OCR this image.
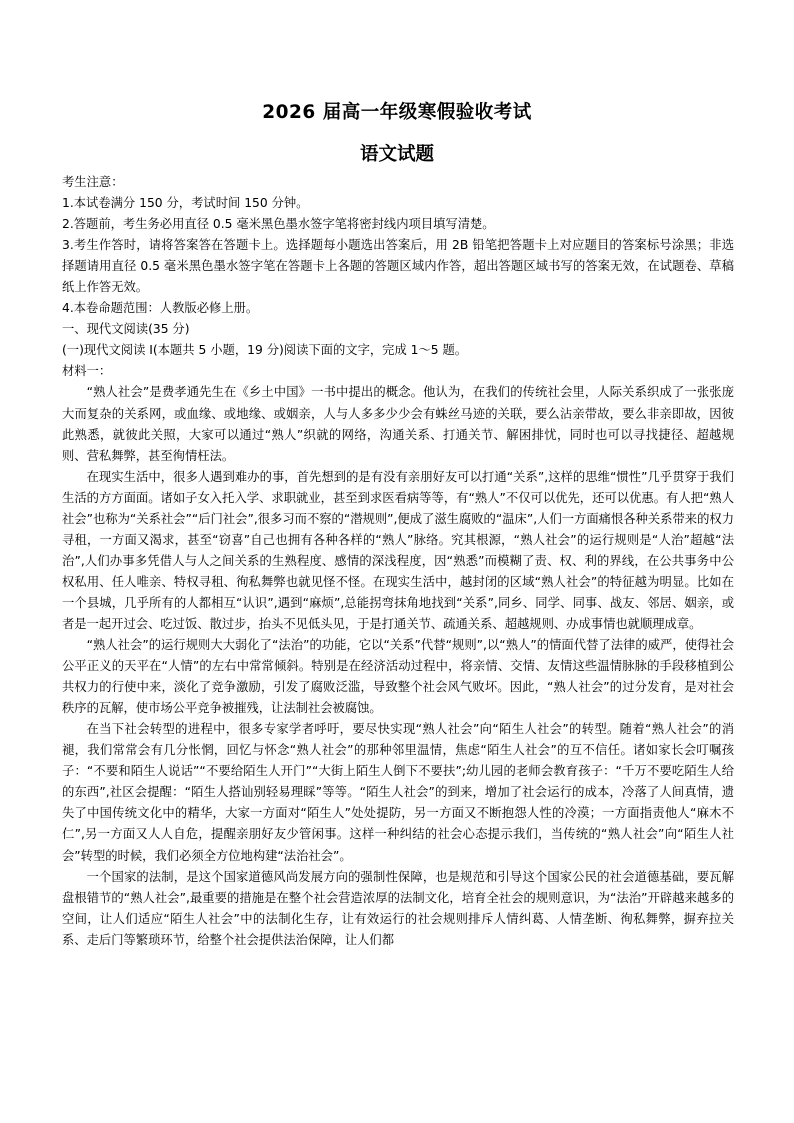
2026 届高一年级寒假验收考试
语文试题

考生注意：

1.本试卷满分 150 分，考试时间 150 分钟。

2.答题前，考生务必用直径 0.5 毫米黑色墨水签字笔将密封线内项目填写清楚。

3.考生作答时，请将答案答在答题卡上。选择题每小题选出答案后，用 2B 铅笔把答题卡上对应题目的答案标号涂黑；非选择题请用直径 0.5 毫米黑色墨水签字笔在答题卡上各题的答题区域内作答，超出答题区域书写的答案无效，在试题卷、草稿纸上作答无效。

4.本卷命题范围：人教版必修上册。

一、现代文阅读(35 分)

(一)现代文阅读 I(本题共 5 小题，19 分)阅读下面的文字，完成 1～5 题。

材料一：

“熟人社会”是费孝通先生在《乡土中国》一书中提出的概念。他认为，在我们的传统社会里，人际关系织成了一张张庞大而复杂的关系网，或血缘、或地缘、或姻亲，人与人多多少少会有蛛丝马迹的关联，要么沾亲带故，要么非亲即故，因彼此熟悉，就彼此关照，大家可以通过“熟人”织就的网络，沟通关系、打通关节、解困排忧，同时也可以寻找捷径、超越规则、营私舞弊，甚至徇情枉法。

在现实生活中，很多人遇到难办的事，首先想到的是有没有亲朋好友可以打通“关系”,这样的思维“惯性”几乎贯穿于我们生活的方方面面。诸如子女入托入学、求职就业，甚至到求医看病等等，有“熟人”不仅可以优先，还可以优惠。有人把“熟人社会”也称为“关系社会”“后门社会”,很多习而不察的“潜规则”,便成了滋生腐败的“温床”,人们一方面痛恨各种关系带来的权力寻租，一方面又渴求，甚至“窃喜”自己也拥有各种各样的“熟人”脉络。究其根源，“熟人社会”的运行规则是“人治”超越“法治”,人们办事多凭借人与人之间关系的生熟程度、感情的深浅程度，因“熟悉”而模糊了责、权、利的界线，在公共事务中公权私用、任人唯亲、特权寻租、徇私舞弊也就见怪不怪。在现实生活中，越封闭的区域“熟人社会”的特征越为明显。比如在一个县城，几乎所有的人都相互“认识”,遇到“麻烦”,总能拐弯抹角地找到“关系”,同乡、同学、同事、战友、邻居、姻亲，或者是一起开过会、吃过饭、散过步，抬头不见低头见，于是打通关节、疏通关系、超越规则、办成事情也就顺理成章。

“熟人社会”的运行规则大大弱化了“法治”的功能，它以“关系”代替“规则”,以“熟人”的情面代替了法律的威严，使得社会公平正义的天平在“人情”的左右中常常倾斜。特别是在经济活动过程中，将亲情、交情、友情这些温情脉脉的手段移植到公共权力的行使中来，淡化了竞争激励，引发了腐败泛滥，导致整个社会风气败坏。因此，“熟人社会”的过分发育，是对社会秩序的瓦解，使市场公平竞争被摧残，让法制社会被腐蚀。

在当下社会转型的进程中，很多专家学者呼吁，要尽快实现“熟人社会”向“陌生人社会”的转型。随着“熟人社会”的消褪，我们常常会有几分怅惘，回忆与怀念“熟人社会”的那种邻里温情，焦虑“陌生人社会”的互不信任。诸如家长会叮嘱孩子：“不要和陌生人说话”“不要给陌生人开门”“大街上陌生人倒下不要扶”;幼儿园的老师会教育孩子：“千万不要吃陌生人给的东西”,社区会提醒：“陌生人搭讪别轻易理睬”等等。“陌生人社会”的到来，增加了社会运行的成本，冷落了人间真情，遗失了中国传统文化中的精华，大家一方面对“陌生人”处处提防，另一方面又不断抱怨人性的冷漠；一方面指责他人“麻木不仁”,另一方面又人人自危，提醒亲朋好友少管闲事。这样一种纠结的社会心态提示我们，当传统的“熟人社会”向“陌生人社会”转型的时候，我们必须全方位地构建“法治社会”。

一个国家的法制，是这个国家道德风尚发展方向的强制性保障，也是规范和引导这个国家公民的社会道德基础，要瓦解盘根错节的“熟人社会”,最重要的措施是在整个社会营造浓厚的法制文化，培育全社会的规则意识，为“法治”开辟越来越多的空间，让人们适应“陌生人社会”中的法制化生存，让有效运行的社会规则排斥人情纠葛、人情垄断、徇私舞弊，摒弃拉关系、走后门等繁琐环节，给整个社会提供法治保障，让人们都
